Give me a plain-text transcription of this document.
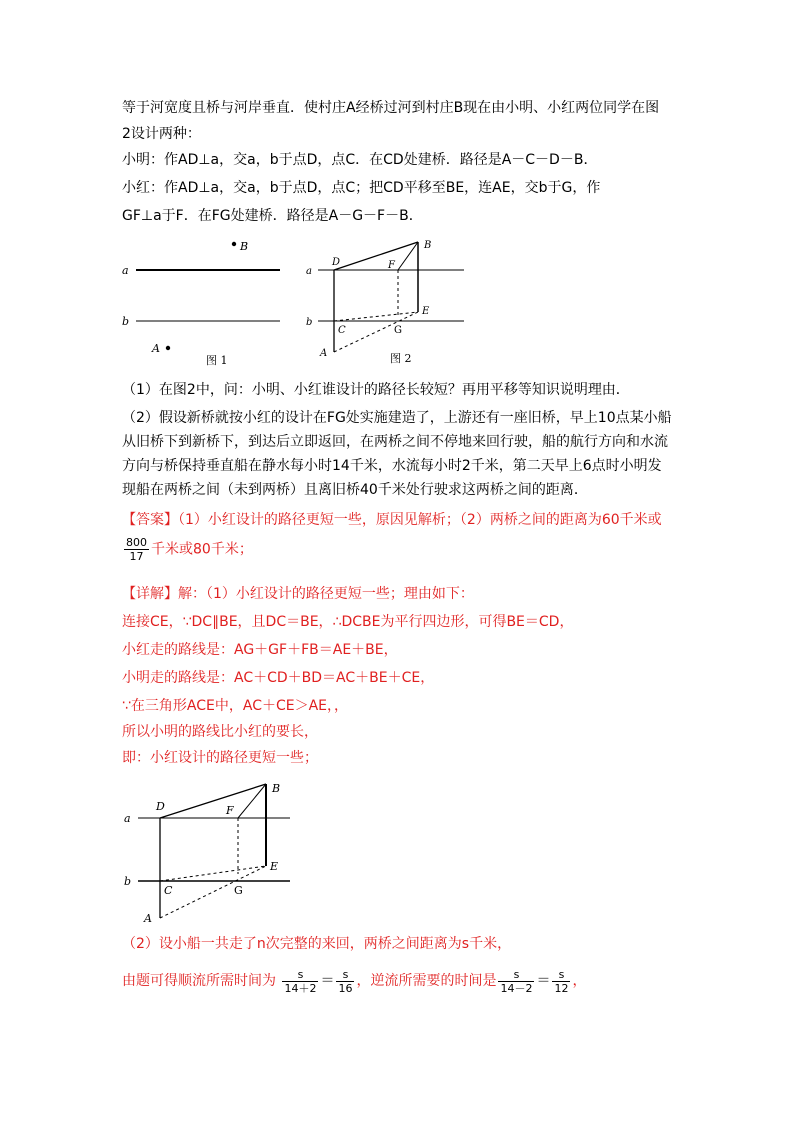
等于河宽度且桥与河岸垂直．使村庄A经桥过河到村庄B现在由小明、小红两位同学在图
2设计两种：
小明：作AD⊥a，交a，b于点D，点C．在CD处建桥．路径是A－C－D－B．
小红：作AD⊥a，交a，b于点D，点C；把CD平移至BE，连AE，交b于G，作
GF⊥a于F．在FG处建桥．路径是A－G－F－B．
a
b
B
A
图 1
a
b
D
B
F
E
C	G
A	图 2
（1）在图2中，问：小明、小红谁设计的路径长较短？再用平移等知识说明理由．
（2）假设新桥就按小红的设计在FG处实施建造了，上游还有一座旧桥，早上10点某小船
从旧桥下到新桥下，到达后立即返回，在两桥之间不停地来回行驶，船的航行方向和水流
方向与桥保持垂直船在静水每小时14千米，水流每小时2千米，第二天早上6点时小明发
现船在两桥之间（未到两桥）且离旧桥40千米处行驶求这两桥之间的距离．
【答案】（1）小红设计的路径更短一些，原因见解析；（2）两桥之间的距离为60千米或
$\frac{800}{17}$ 千米或80千米；
【详解】解：（1）小红设计的路径更短一些；理由如下：
连接CE，∵DC∥BE，且DC＝BE，∴DCBE为平行四边形，可得BE＝CD，
小红走的路线是：AG＋GF＋FB＝AE＋BE，
小明走的路线是：AC＋CD＋BD＝AC＋BE＋CE，
∵在三角形ACE中，AC＋CE＞AE，，
所以小明的路线比小红的要长，
即：小红设计的路径更短一些；
a
b
D
B
F
E
C	G
A
（2）设小船一共走了n次完整的来回，两桥之间距离为s千米，
由题可得顺流所需时间为 $\frac{s}{14+2} = \frac{s}{16}$ ，逆流所需要的时间是 $\frac{s}{14-2} = \frac{s}{12}$ ，
